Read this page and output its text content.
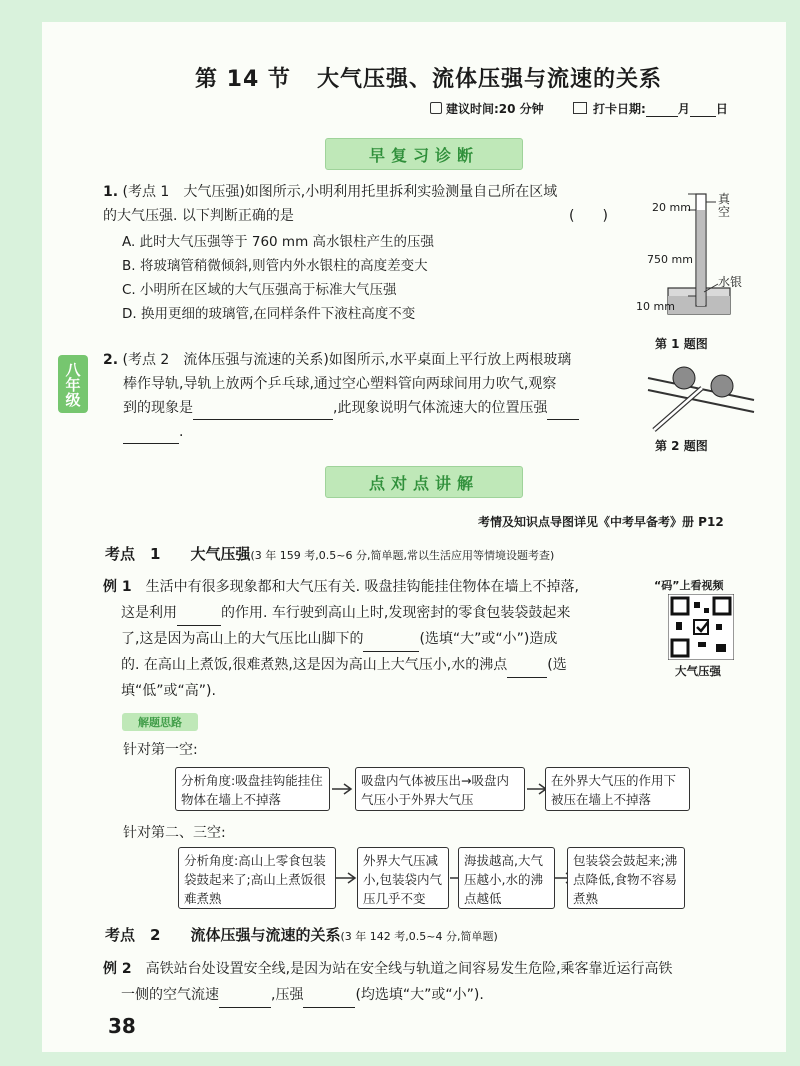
第 14 节 大气压强、流体压强与流速的关系
建议时间:20 分钟	打卡日期:	月 日
早复习诊断
1. (考点 1　大气压强)如图所示,小明利用托里拆利实验测量自己所在区域
的大气压强. 以下判断正确的是	(　　)
A. 此时大气压强等于 760 mm 高水银柱产生的压强
B. 将玻璃管稍微倾斜,则管内外水银柱的高度差变大
C. 小明所在区域的大气压强高于标准大气压强
D. 换用更细的玻璃管,在同样条件下液柱高度不变
20 mm
750 mm
10 mm
真
空
水银
第 1 题图
八年级
2. (考点 2　流体压强与流速的关系)如图所示,水平桌面上平行放上两根玻璃
棒作导轨,导轨上放两个乒乓球,通过空心塑料管向两球间用力吹气,观察
到的现象是	,此现象说明气体流速大的位置压强
.
第 2 题图
点对点讲解
考情及知识点导图详见《中考早备考》册 P12
考点　1　　 大气压强(3 年 159 考,0.5~6 分,简单题,常以生活应用等情境设题考查)
例 1　 生活中有很多现象都和大气压有关. 吸盘挂钩能挂住物体在墙上不掉落,
这是利用	的作用. 车行驶到高山上时,发现密封的零食包装袋鼓起来
了,这是因为高山上的大气压比山脚下的	(选填“大”或“小”)造成
的. 在高山上煮饭,很难煮熟,这是因为高山上大气压小,水的沸点	(选
填“低”或“高”).
“码”上看视频
大气压强
解题思路
针对第一空:
分析角度:吸盘挂钩能挂住物体在墙上不掉落
吸盘内气体被压出→吸盘内气压小于外界大气压
在外界大气压的作用下被压在墙上不掉落
针对第二、三空:
分析角度:高山上零食包装袋鼓起来了;高山上煮饭很难煮熟
外界大气压减小,包装袋内气压几乎不变
海拔越高,大气压越小,水的沸点越低
包装袋会鼓起来;沸点降低,食物不容易煮熟
考点　2　　 流体压强与流速的关系(3 年 142 考,0.5~4 分,简单题)
例 2　 高铁站台处设置安全线,是因为站在安全线与轨道之间容易发生危险,乘客靠近运行高铁
一侧的空气流速	,压强	(均选填“大”或“小”).
38
